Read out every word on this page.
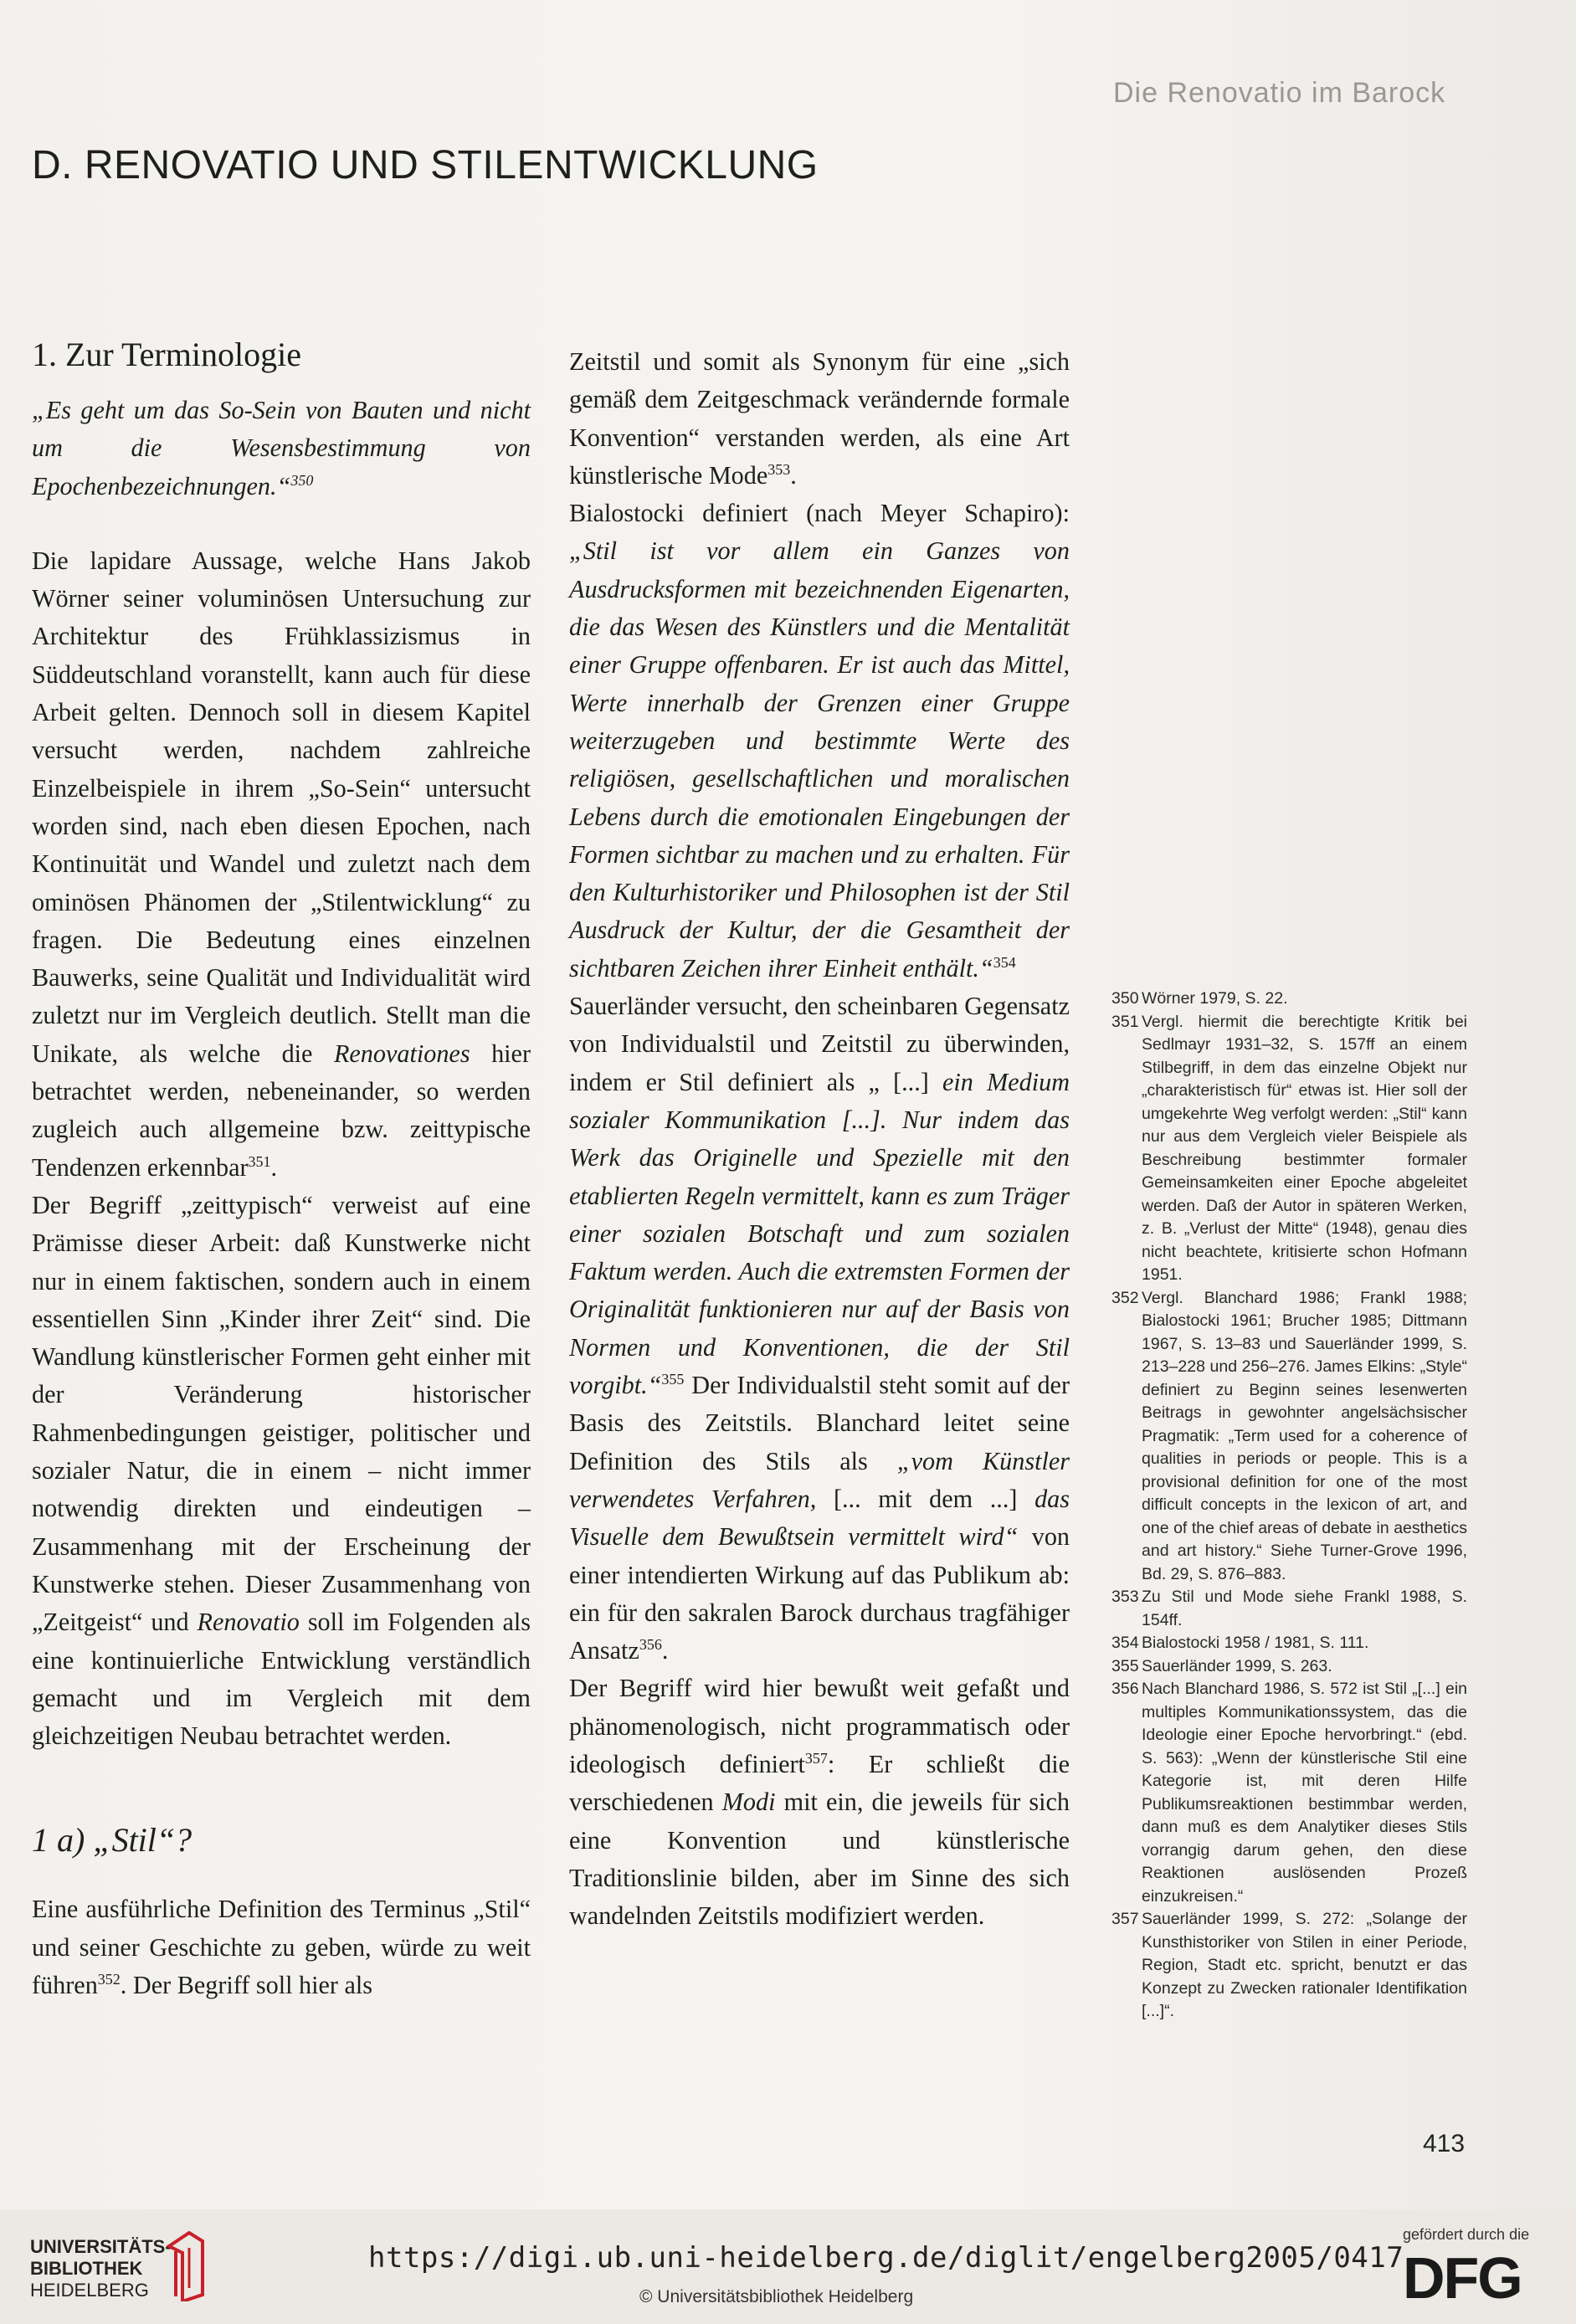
Die Renovatio im Barock
D. RENOVATIO UND STILENTWICKLUNG
1. Zur Terminologie

„Es geht um das So-Sein von Bauten und nicht um die Wesensbestimmung von Epochenbezeichnungen.“$^{350}$

Die lapidare Aussage, welche Hans Jakob Wörner seiner voluminösen Untersuchung zur Architektur des Frühklassizismus in Süddeutschland voranstellt, kann auch für diese Arbeit gelten. Dennoch soll in diesem Kapitel versucht werden, nachdem zahlreiche Einzelbeispiele in ihrem „So-Sein“ untersucht worden sind, nach eben diesen Epochen, nach Kontinuität und Wandel und zuletzt nach dem ominösen Phänomen der „Stilentwicklung“ zu fragen. Die Bedeutung eines einzelnen Bauwerks, seine Qualität und Individualität wird zuletzt nur im Vergleich deutlich. Stellt man die Unikate, als welche die Renovationes hier betrachtet werden, nebeneinander, so werden zugleich auch allgemeine bzw. zeittypische Tendenzen erkennbar$^{351}$.

Der Begriff „zeittypisch“ verweist auf eine Prämisse dieser Arbeit: daß Kunstwerke nicht nur in einem faktischen, sondern auch in einem essentiellen Sinn „Kinder ihrer Zeit“ sind. Die Wandlung künstlerischer Formen geht einher mit der Veränderung historischer Rahmenbedingungen geistiger, politischer und sozialer Natur, die in einem – nicht immer notwendig direkten und eindeutigen – Zusammenhang mit der Erscheinung der Kunstwerke stehen. Dieser Zusammenhang von „Zeitgeist“ und Renovatio soll im Folgenden als eine kontinuierliche Entwicklung verständlich gemacht und im Vergleich mit dem gleichzeitigen Neubau betrachtet werden.

1 a) „Stil“?

Eine ausführliche Definition des Terminus „Stil“ und seiner Geschichte zu geben, würde zu weit führen$^{352}$. Der Begriff soll hier als

Zeitstil und somit als Synonym für eine „sich gemäß dem Zeitgeschmack verändernde formale Konvention“ verstanden werden, als eine Art künstlerische Mode$^{353}$.

Bialostocki definiert (nach Meyer Schapiro): „Stil ist vor allem ein Ganzes von Ausdrucksformen mit bezeichnenden Eigenarten, die das Wesen des Künstlers und die Mentalität einer Gruppe offenbaren. Er ist auch das Mittel, Werte innerhalb der Grenzen einer Gruppe weiterzugeben und bestimmte Werte des religiösen, gesellschaftlichen und moralischen Lebens durch die emotionalen Eingebungen der Formen sichtbar zu machen und zu erhalten. Für den Kulturhistoriker und Philosophen ist der Stil Ausdruck der Kultur, der die Gesamtheit der sichtbaren Zeichen ihrer Einheit enthält.“$^{354}$

Sauerländer versucht, den scheinbaren Gegensatz von Individualstil und Zeitstil zu überwinden, indem er Stil definiert als „ [...] ein Medium sozialer Kommunikation [...]. Nur indem das Werk das Originelle und Spezielle mit den etablierten Regeln vermittelt, kann es zum Träger einer sozialen Botschaft und zum sozialen Faktum werden. Auch die extremsten Formen der Originalität funktionieren nur auf der Basis von Normen und Konventionen, die der Stil vorgibt.“$^{355}$ Der Individualstil steht somit auf der Basis des Zeitstils. Blanchard leitet seine Definition des Stils als „vom Künstler verwendetes Verfahren, [... mit dem ...] das Visuelle dem Bewußtsein vermittelt wird“ von einer intendierten Wirkung auf das Publikum ab: ein für den sakralen Barock durchaus tragfähiger Ansatz$^{356}$.

Der Begriff wird hier bewußt weit gefaßt und phänomenologisch, nicht programmatisch oder ideologisch definiert$^{357}$: Er schließt die verschiedenen Modi mit ein, die jeweils für sich eine Konvention und künstlerische Traditionslinie bilden, aber im Sinne des sich wandelnden Zeitstils modifiziert werden.

350 Wörner 1979, S. 22.
351 Vergl. hiermit die berechtigte Kritik bei Sedlmayr 1931–32, S. 157ff an einem Stilbegriff, in dem das einzelne Objekt nur „charakteristisch für“ etwas ist. Hier soll der umgekehrte Weg verfolgt werden: „Stil“ kann nur aus dem Vergleich vieler Beispiele als Beschreibung bestimmter formaler Gemeinsamkeiten einer Epoche abgeleitet werden. Daß der Autor in späteren Werken, z. B. „Verlust der Mitte“ (1948), genau dies nicht beachtete, kritisierte schon Hofmann 1951.
352 Vergl. Blanchard 1986; Frankl 1988; Bialostocki 1961; Brucher 1985; Dittmann 1967, S. 13–83 und Sauerländer 1999, S. 213–228 und 256–276. James Elkins: „Style“ definiert zu Beginn seines lesenwerten Beitrags in gewohnter angelsächsischer Pragmatik: „Term used for a coherence of qualities in periods or people. This is a provisional definition for one of the most difficult concepts in the lexicon of art, and one of the chief areas of debate in aesthetics and art history.“ Siehe Turner-Grove 1996, Bd. 29, S. 876–883.
353 Zu Stil und Mode siehe Frankl 1988, S. 154ff.
354 Bialostocki 1958 / 1981, S. 111.
355 Sauerländer 1999, S. 263.
356 Nach Blanchard 1986, S. 572 ist Stil „[...] ein multiples Kommunikationssystem, das die Ideologie einer Epoche hervorbringt.“ (ebd. S. 563): „Wenn der künstlerische Stil eine Kategorie ist, mit deren Hilfe Publikumsreaktionen bestimmbar werden, dann muß es dem Analytiker dieses Stils vorrangig darum gehen, den diese Reaktionen auslösenden Prozeß einzukreisen.“
357 Sauerländer 1999, S. 272: „Solange der Kunsthistoriker von Stilen in einer Periode, Region, Stadt etc. spricht, benutzt er das Konzept zu Zwecken rationaler Identifikation [...]“.
413
UNIVERSITÄTS-
BIBLIOTHEK
HEIDELBERG
https://digi.ub.uni-heidelberg.de/diglit/engelberg2005/0417
© Universitätsbibliothek Heidelberg
gefördert durch die
DFG
